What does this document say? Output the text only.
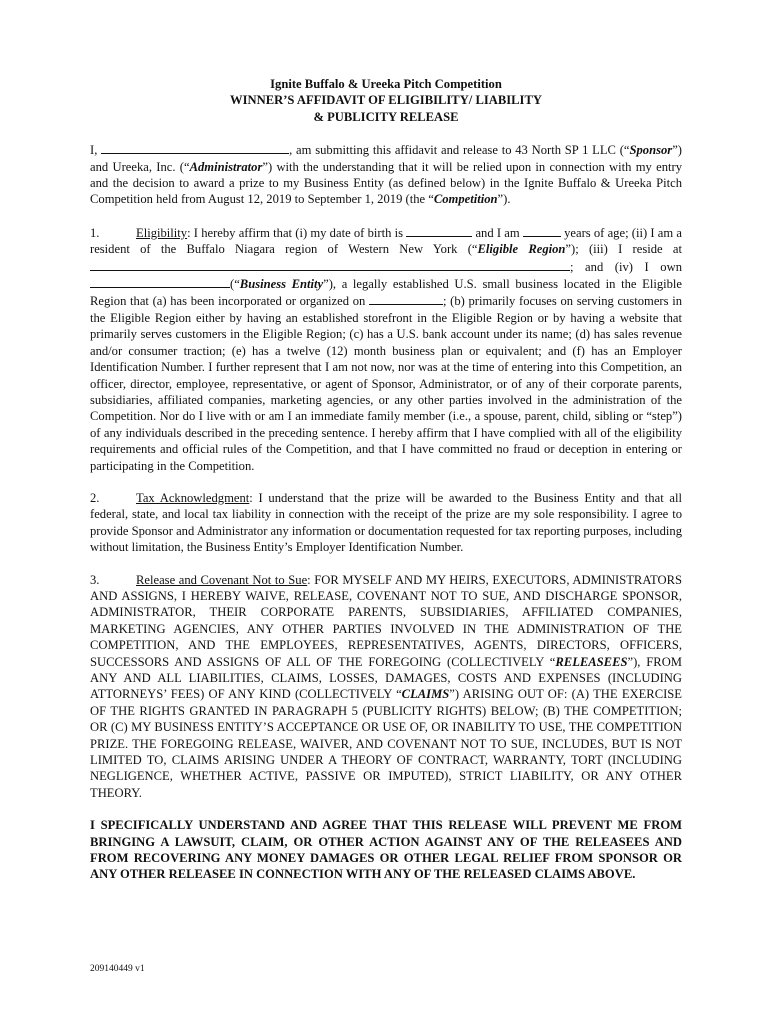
Ignite Buffalo & Ureeka Pitch Competition
WINNER’S AFFIDAVIT OF ELIGIBILITY/ LIABILITY
& PUBLICITY RELEASE

I,	, am submitting this affidavit and release to 43 North SP 1 LLC (“Sponsor”) and Ureeka, Inc. (“Administrator”) with the understanding that it will be relied upon in connection with my entry and the decision to award a prize to my Business Entity (as defined below) in the Ignite Buffalo & Ureeka Pitch Competition held from August 12, 2019 to September 1, 2019 (the “Competition”).

1.	Eligibility: I hereby affirm that (i) my date of birth is	and I am	years of age; (ii) I am a resident of the Buffalo Niagara region of Western New York (“Eligible Region”); (iii) I reside at ; and (iv) I own (“Business Entity”), a legally established U.S. small business located in the Eligible Region that (a) has been incorporated or organized on	; (b) primarily focuses on serving customers in the Eligible Region either by having an established storefront in the Eligible Region or by having a website that primarily serves customers in the Eligible Region; (c) has a U.S. bank account under its name; (d) has sales revenue and/or consumer traction; (e) has a twelve (12) month business plan or equivalent; and (f) has an Employer Identification Number. I further represent that I am not now, nor was at the time of entering into this Competition, an officer, director, employee, representative, or agent of Sponsor, Administrator, or of any of their corporate parents, subsidiaries, affiliated companies, marketing agencies, or any other parties involved in the administration of the Competition. Nor do I live with or am I an immediate family member (i.e., a spouse, parent, child, sibling or “step”) of any individuals described in the preceding sentence. I hereby affirm that I have complied with all of the eligibility requirements and official rules of the Competition, and that I have committed no fraud or deception in entering or participating in the Competition.

2.	Tax Acknowledgment: I understand that the prize will be awarded to the Business Entity and that all federal, state, and local tax liability in connection with the receipt of the prize are my sole responsibility. I agree to provide Sponsor and Administrator any information or documentation requested for tax reporting purposes, including without limitation, the Business Entity’s Employer Identification Number.

3.	Release and Covenant Not to Sue: FOR MYSELF AND MY HEIRS, EXECUTORS, ADMINISTRATORS AND ASSIGNS, I HEREBY WAIVE, RELEASE, COVENANT NOT TO SUE, AND DISCHARGE SPONSOR, ADMINISTRATOR, THEIR CORPORATE PARENTS, SUBSIDIARIES, AFFILIATED COMPANIES, MARKETING AGENCIES, ANY OTHER PARTIES INVOLVED IN THE ADMINISTRATION OF THE COMPETITION, AND THE EMPLOYEES, REPRESENTATIVES, AGENTS, DIRECTORS, OFFICERS, SUCCESSORS AND ASSIGNS OF ALL OF THE FOREGOING (COLLECTIVELY “RELEASEES”), FROM ANY AND ALL LIABILITIES, CLAIMS, LOSSES, DAMAGES, COSTS AND EXPENSES (INCLUDING ATTORNEYS’ FEES) OF ANY KIND (COLLECTIVELY “CLAIMS”) ARISING OUT OF: (A) THE EXERCISE OF THE RIGHTS GRANTED IN PARAGRAPH 5 (PUBLICITY RIGHTS) BELOW; (B) THE COMPETITION; OR (C) MY BUSINESS ENTITY’S ACCEPTANCE OR USE OF, OR INABILITY TO USE, THE COMPETITION PRIZE. THE FOREGOING RELEASE, WAIVER, AND COVENANT NOT TO SUE, INCLUDES, BUT IS NOT LIMITED TO, CLAIMS ARISING UNDER A THEORY OF CONTRACT, WARRANTY, TORT (INCLUDING NEGLIGENCE, WHETHER ACTIVE, PASSIVE OR IMPUTED), STRICT LIABILITY, OR ANY OTHER THEORY.

I SPECIFICALLY UNDERSTAND AND AGREE THAT THIS RELEASE WILL PREVENT ME FROM BRINGING A LAWSUIT, CLAIM, OR OTHER ACTION AGAINST ANY OF THE RELEASEES AND FROM RECOVERING ANY MONEY DAMAGES OR OTHER LEGAL RELIEF FROM SPONSOR OR ANY OTHER RELEASEE IN CONNECTION WITH ANY OF THE RELEASED CLAIMS ABOVE.

209140449 v1
